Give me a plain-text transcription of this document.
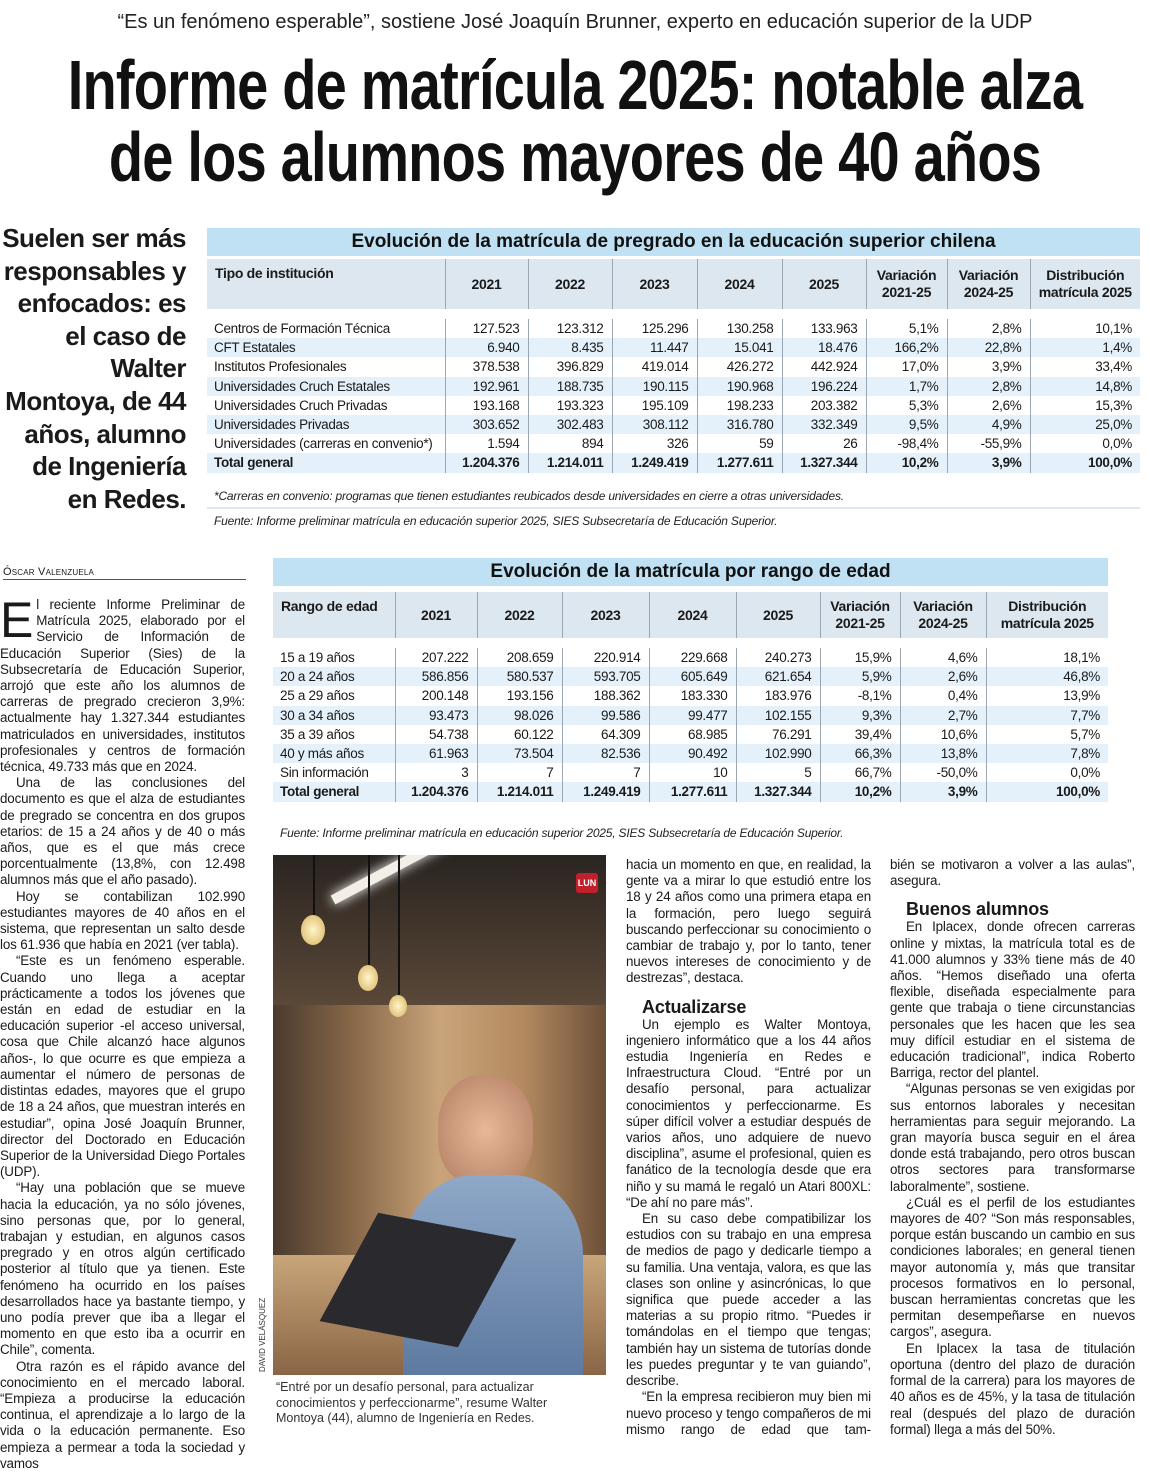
“Es un fenómeno esperable”, sostiene José Joaquín Brunner, experto en educación superior de la UDP
Informe de matrícula 2025: notable alza
de los alumnos mayores de 40 años
Suelen ser más responsables y enfocados: es el caso de Walter Montoya, de 44 años, alumno de Ingeniería en Redes.
Evolución de la matrícula de pregrado en la educación superior chilena
Tipo de institución	2021	2022	2023	2024	2025	Variación 2021-25	Variación 2024-25	Distribución matrícula 2025

Centros de Formación Técnica	127.523	123.312	125.296	130.258	133.963	5,1%	2,8%	10,1%
CFT Estatales	6.940	8.435	11.447	15.041	18.476	166,2%	22,8%	1,4%
Institutos Profesionales	378.538	396.829	419.014	426.272	442.924	17,0%	3,9%	33,4%
Universidades Cruch Estatales	192.961	188.735	190.115	190.968	196.224	1,7%	2,8%	14,8%
Universidades Cruch Privadas	193.168	193.323	195.109	198.233	203.382	5,3%	2,6%	15,3%
Universidades Privadas	303.652	302.483	308.112	316.780	332.349	9,5%	4,9%	25,0%
Universidades (carreras en convenio*)	1.594	894	326	59	26	-98,4%	-55,9%	0,0%
Total general	1.204.376	1.214.011	1.249.419	1.277.611	1.327.344	10,2%	3,9%	100,0%

*Carreras en convenio: programas que tienen estudiantes reubicados desde universidades en cierre a otras universidades.
Fuente: Informe preliminar matrícula en educación superior 2025, SIES Subsecretaría de Educación Superior.
Óscar Valenzuela	Evolución de la matrícula por rango de edad
Rango de edad	2021	2022	2023	2024	2025	Variación 2021-25	Variación 2024-25	Distribución matrícula 2025

15 a 19 años	207.222	208.659	220.914	229.668	240.273	15,9%	4,6%	18,1%
20 a 24 años	586.856	580.537	593.705	605.649	621.654	5,9%	2,6%	46,8%
25 a 29 años	200.148	193.156	188.362	183.330	183.976	-8,1%	0,4%	13,9%
30 a 34 años	93.473	98.026	99.586	99.477	102.155	9,3%	2,7%	7,7%
35 a 39 años	54.738	60.122	64.309	68.985	76.291	39,4%	10,6%	5,7%
40 y más años	61.963	73.504	82.536	90.492	102.990	66,3%	13,8%	7,8%
Sin información	3	7	7	10	5	66,7%	-50,0%	0,0%
Total general	1.204.376	1.214.011	1.249.419	1.277.611	1.327.344	10,2%	3,9%	100,0%

Fuente: Informe preliminar matrícula en educación superior 2025, SIES Subsecretaría de Educación Superior.

El reciente Informe Preliminar de Matrícula 2025, elaborado por el Servicio de Información de Educación Superior (Sies) de la Subsecretaría de Educación Superior, arrojó que este año los alumnos de carreras de pregrado crecieron 3,9%: actualmente hay 1.327.344 estudiantes matriculados en universidades, institutos profesionales y centros de formación técnica, 49.733 más que en 2024.

Una de las conclusiones del documento es que el alza de estudiantes de pregrado se concentra en dos grupos etarios: de 15 a 24 años y de 40 o más años, que es el que más crece porcentualmente (13,8%, con 12.498 alumnos más que el año pasado).

Hoy se contabilizan 102.990 estudiantes mayores de 40 años en el sistema, que representan un salto desde los 61.936 que había en 2021 (ver tabla).

“Este es un fenómeno esperable. Cuando uno llega a aceptar prácticamente a todos los jóvenes que están en edad de estudiar en la educación superior -el acceso universal, cosa que Chile alcanzó hace algunos años-, lo que ocurre es que empieza a aumentar el número de personas de distintas edades, mayores que el grupo de 18 a 24 años, que muestran interés en estudiar”, opina José Joaquín Brunner, director del Doctorado en Educación Superior de la Universidad Diego Portales (UDP).

“Hay una población que se mueve hacia la educación, ya no sólo jóvenes, sino personas que, por lo general, trabajan y estudian, en algunos casos pregrado y en otros algún certificado posterior al título que ya tienen. Este fenómeno ha ocurrido en los países desarrollados hace ya bastante tiempo, y uno podía prever que iba a llegar el momento en que esto iba a ocurrir en Chile”, comenta.

Otra razón es el rápido avance del conocimiento en el mercado laboral. “Empieza a producirse la educación continua, el aprendizaje a lo largo de la vida o la educación permanente. Eso empieza a permear a toda la sociedad y vamos

hacia un momento en que, en realidad, la gente va a mirar lo que estudió entre los 18 y 24 años como una primera etapa en la formación, pero luego seguirá buscando perfeccionar su conocimiento o cambiar de trabajo y, por lo tanto, tener nuevos intereses de conocimiento y de destrezas”, destaca.

Actualizarse

Un ejemplo es Walter Montoya, ingeniero informático que a los 44 años estudia Ingeniería en Redes e Infraestructura Cloud. “Entré por un desafío personal, para actualizar conocimientos y perfeccionarme. Es súper difícil volver a estudiar después de varios años, uno adquiere de nuevo disciplina”, asume el profesional, quien es fanático de la tecnología desde que era niño y su mamá le regaló un Atari 800XL: “De ahí no pare más”.

En su caso debe compatibilizar los estudios con su trabajo en una empresa de medios de pago y dedicarle tiempo a su familia. Una ventaja, valora, es que las clases son online y asincrónicas, lo que significa que puede acceder a las materias a su propio ritmo. “Puedes ir tomándolas en el tiempo que tengas; también hay un sistema de tutorías donde les puedes preguntar y te van guiando”, describe.

“En la empresa recibieron muy bien mi nuevo proceso y tengo compañeros de mi mismo rango de edad que tam-

bién se motivaron a volver a las aulas”, asegura.

Buenos alumnos

En Iplacex, donde ofrecen carreras online y mixtas, la matrícula total es de 41.000 alumnos y 33% tiene más de 40 años. “Hemos diseñado una oferta flexible, diseñada especialmente para gente que trabaja o tiene circunstancias personales que les hacen que les sea muy difícil estudiar en el sistema de educación tradicional”, indica Roberto Barriga, rector del plantel.

“Algunas personas se ven exigidas por sus entornos laborales y necesitan herramientas para seguir mejorando. La gran mayoría busca seguir en el área donde está trabajando, pero otros buscan otros sectores para transformarse laboralmente”, sostiene.

¿Cuál es el perfil de los estudiantes mayores de 40? “Son más responsables, porque están buscando un cambio en sus condiciones laborales; en general tienen mayor autonomía y, más que transitar procesos formativos en lo personal, buscan herramientas concretas que les permitan desempeñarse en nuevos cargos”, asegura.

En Iplacex la tasa de titulación oportuna (dentro del plazo de duración formal de la carrera) para los mayores de 40 años es de 45%, y la tasa de titulación real (después del plazo de duración formal) llega a más del 50%.

LUN
DAVID VELÁSQUEZ
“Entré por un desafío personal, para actualizar conocimientos y perfeccionarme”, resume Walter Montoya (44), alumno de Ingeniería en Redes.
